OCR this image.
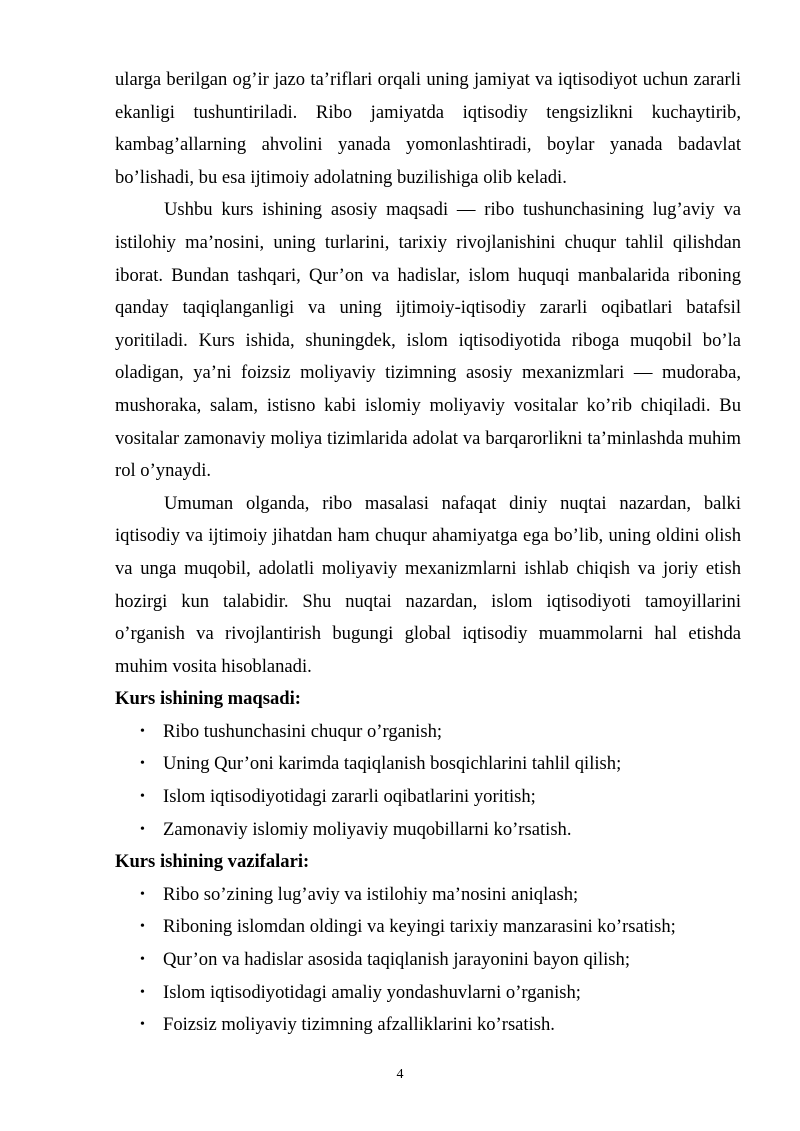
ularga berilgan og’ir jazo ta’riflari orqali uning jamiyat va iqtisodiyot uchun zararli ekanligi tushuntiriladi. Ribo jamiyatda iqtisodiy tengsizlikni kuchaytirib, kambag’allarning ahvolini yanada yomonlashtiradi, boylar yanada badavlat bo’lishadi, bu esa ijtimoiy adolatning buzilishiga olib keladi.

Ushbu kurs ishining asosiy maqsadi — ribo tushunchasining lug’aviy va istilohiy ma’nosini, uning turlarini, tarixiy rivojlanishini chuqur tahlil qilishdan iborat. Bundan tashqari, Qur’on va hadislar, islom huquqi manbalarida riboning qanday taqiqlanganligi va uning ijtimoiy-iqtisodiy zararli oqibatlari batafsil yoritiladi. Kurs ishida, shuningdek, islom iqtisodiyotida riboga muqobil bo’la oladigan, ya’ni foizsiz moliyaviy tizimning asosiy mexanizmlari — mudoraba, mushoraka, salam, istisno kabi islomiy moliyaviy vositalar ko’rib chiqiladi. Bu vositalar zamonaviy moliya tizimlarida adolat va barqarorlikni ta’minlashda muhim rol o’ynaydi.

Umuman olganda, ribo masalasi nafaqat diniy nuqtai nazardan, balki iqtisodiy va ijtimoiy jihatdan ham chuqur ahamiyatga ega bo’lib, uning oldini olish va unga muqobil, adolatli moliyaviy mexanizmlarni ishlab chiqish va joriy etish hozirgi kun talabidir. Shu nuqtai nazardan, islom iqtisodiyoti tamoyillarini o’rganish va rivojlantirish bugungi global iqtisodiy muammolarni hal etishda muhim vosita hisoblanadi.

Kurs ishining maqsadi:

• Ribo tushunchasini chuqur o’rganish;
• Uning Qur’oni karimda taqiqlanish bosqichlarini tahlil qilish;
• Islom iqtisodiyotidagi zararli oqibatlarini yoritish;
• Zamonaviy islomiy moliyaviy muqobillarni ko’rsatish.

Kurs ishining vazifalari:

• Ribo so’zining lug’aviy va istilohiy ma’nosini aniqlash;
• Riboning islomdan oldingi va keyingi tarixiy manzarasini ko’rsatish;
• Qur’on va hadislar asosida taqiqlanish jarayonini bayon qilish;
• Islom iqtisodiyotidagi amaliy yondashuvlarni o’rganish;
• Foizsiz moliyaviy tizimning afzalliklarini ko’rsatish.
4
